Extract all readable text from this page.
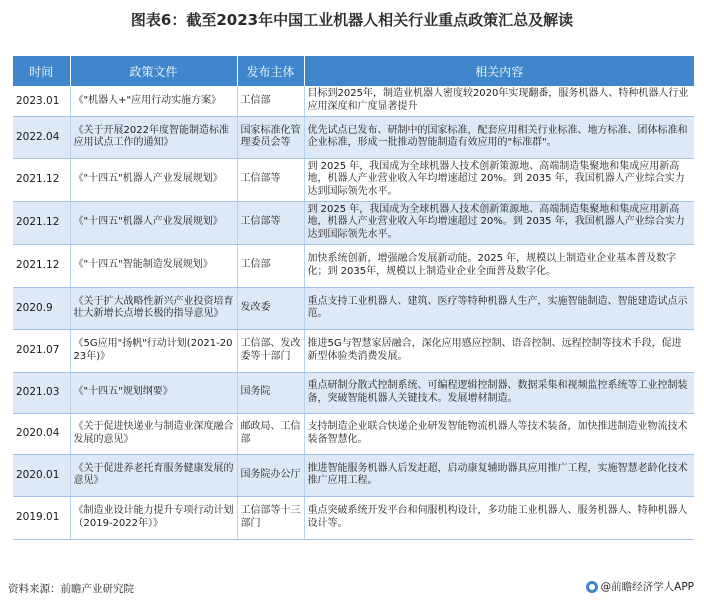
图表6：截至2023年中国工业机器人相关行业重点政策汇总及解读
时间	政策文件	发布主体	相关内容
2023.01	《"机器人+"应用行动实施方案》	工信部	目标到2025年，制造业机器人密度较2020年实现翻番，服务机器人、特种机器人行业应用深度和广度显著提升
2022.04	《关于开展2022年度智能制造标准应用试点工作的通知》	国家标准化管理委员会等	优先试点已发布、研制中的国家标准，配套应用相关行业标准、地方标准、团体标准和企业标准，形成一批推动智能制造有效应用的"标准群"。
2021.12	《"十四五"机器人产业发展规划》	工信部等	到 2025 年，我国成为全球机器人技术创新策源地、高端制造集聚地和集成应用新高地，机器人产业营业收入年均增速超过 20%。到 2035 年，我国机器人产业综合实力达到国际领先水平。
2021.12	《"十四五"机器人产业发展规划》	工信部等	到 2025 年，我国成为全球机器人技术创新策源地、高端制造集聚地和集成应用新高地，机器人产业营业收入年均增速超过 20%。到 2035 年，我国机器人产业综合实力达到国际领先水平。
2021.12	《"十四五"智能制造发展规划》	工信部	加快系统创新，增强融合发展新动能。2025 年，规模以上制造业企业基本普及数字化；到 2035年，规模以上制造业企业全面普及数字化。
2020.9	《关于扩大战略性新兴产业投资培育壮大新增长点增长极的指导意见》	发改委	重点支持工业机器人、建筑、医疗等特种机器人生产，实施智能制造、智能建造试点示范。
2021.07	《5G应用"扬帆"行动计划(2021-2023年)》	工信部、发改委等十部门	推进5G与智慧家居融合，深化应用感应控制、语音控制、远程控制等技术手段，促进新型体验类消费发展。
2021.03	《"十四五"规划纲要》	国务院	重点研制分散式控制系统、可编程逻辑控制器、数据采集和视频监控系统等工业控制装备，突破智能机器人关键技术。发展增材制造。
2020.04	《关于促进快递业与制造业深度融合发展的意见》	邮政局、工信部	支持制造企业联合快递企业研发智能物流机器人等技术装备，加快推进制造业物流技术装备智慧化。
2020.01	《关于促进养老托育服务健康发展的意见》	国务院办公厅	推进智能服务机器人后发赶超，启动康复辅助器具应用推广工程，实施智慧老龄化技术推广应用工程。
2019.01	《制造业设计能力提升专项行动计划（2019-2022年）》	工信部等十三部门	重点突破系统开发平台和伺服机构设计，多功能工业机器人、服务机器人、特种机器人设计等。
资料来源：前瞻产业研究院	@前瞻经济学人APP
